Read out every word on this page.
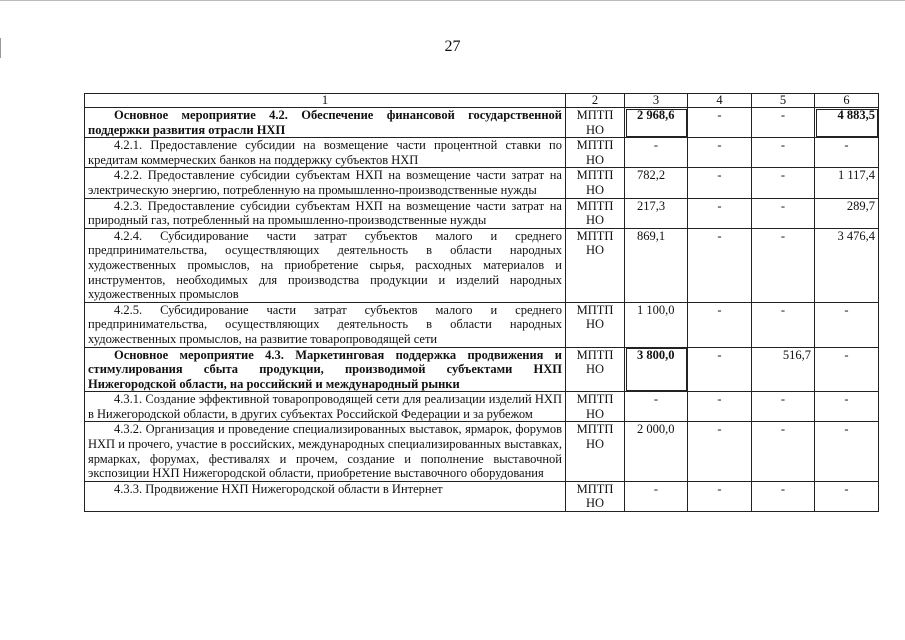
27
1	2	3	4	5	6

Основное мероприятие 4.2. Обеспечение финансовой государственной поддержки развития отрасли НХП	МПТП НО	2 968,6	-	-	4 883,5

4.2.1. Предоставление субсидии на возмещение части процентной ставки по кредитам коммерческих банков на поддержку субъектов НХП	МПТП НО	-	-	-	-

4.2.2. Предоставление субсидии субъектам НХП на возмещение части затрат на электрическую энергию, потребленную на промышленно-производственные нужды	МПТП НО	782,2	-	-	1 117,4

4.2.3. Предоставление субсидии субъектам НХП на возмещение части затрат на природный газ, потребленный на промышленно-производственные нужды	МПТП НО	217,3	-	-	289,7

4.2.4. Субсидирование части затрат субъектов малого и среднего предпринимательства, осуществляющих деятельность в области народных художественных промыслов, на приобретение сырья, расходных материалов и инструментов, необходимых для производства продукции и изделий народных художественных промыслов	МПТП НО	869,1	-	-	3 476,4

4.2.5. Субсидирование части затрат субъектов малого и среднего предпринимательства, осуществляющих деятельность в области народных художественных промыслов, на развитие товаропроводящей сети	МПТП НО	1 100,0	-	-	-

Основное мероприятие 4.3. Маркетинговая поддержка продвижения и стимулирования сбыта продукции, производимой субъектами НХП Нижегородской области, на российский и международный рынки	МПТП НО	3 800,0	-	516,7	-

4.3.1. Создание эффективной товаропроводящей сети для реализации изделий НХП в Нижегородской области, в других субъектах Российской Федерации и за рубежом	МПТП НО	-	-	-	-

4.3.2. Организация и проведение специализированных выставок, ярмарок, форумов НХП и прочего, участие в российских, международных специализированных выставках, ярмарках, форумах, фестивалях и прочем, создание и пополнение выставочной экспозиции НХП Нижегородской области, приобретение выставочного оборудования	МПТП НО	2 000,0	-	-	-

4.3.3. Продвижение НХП Нижегородской области в Интернет	МПТП НО	-	-	-	-
